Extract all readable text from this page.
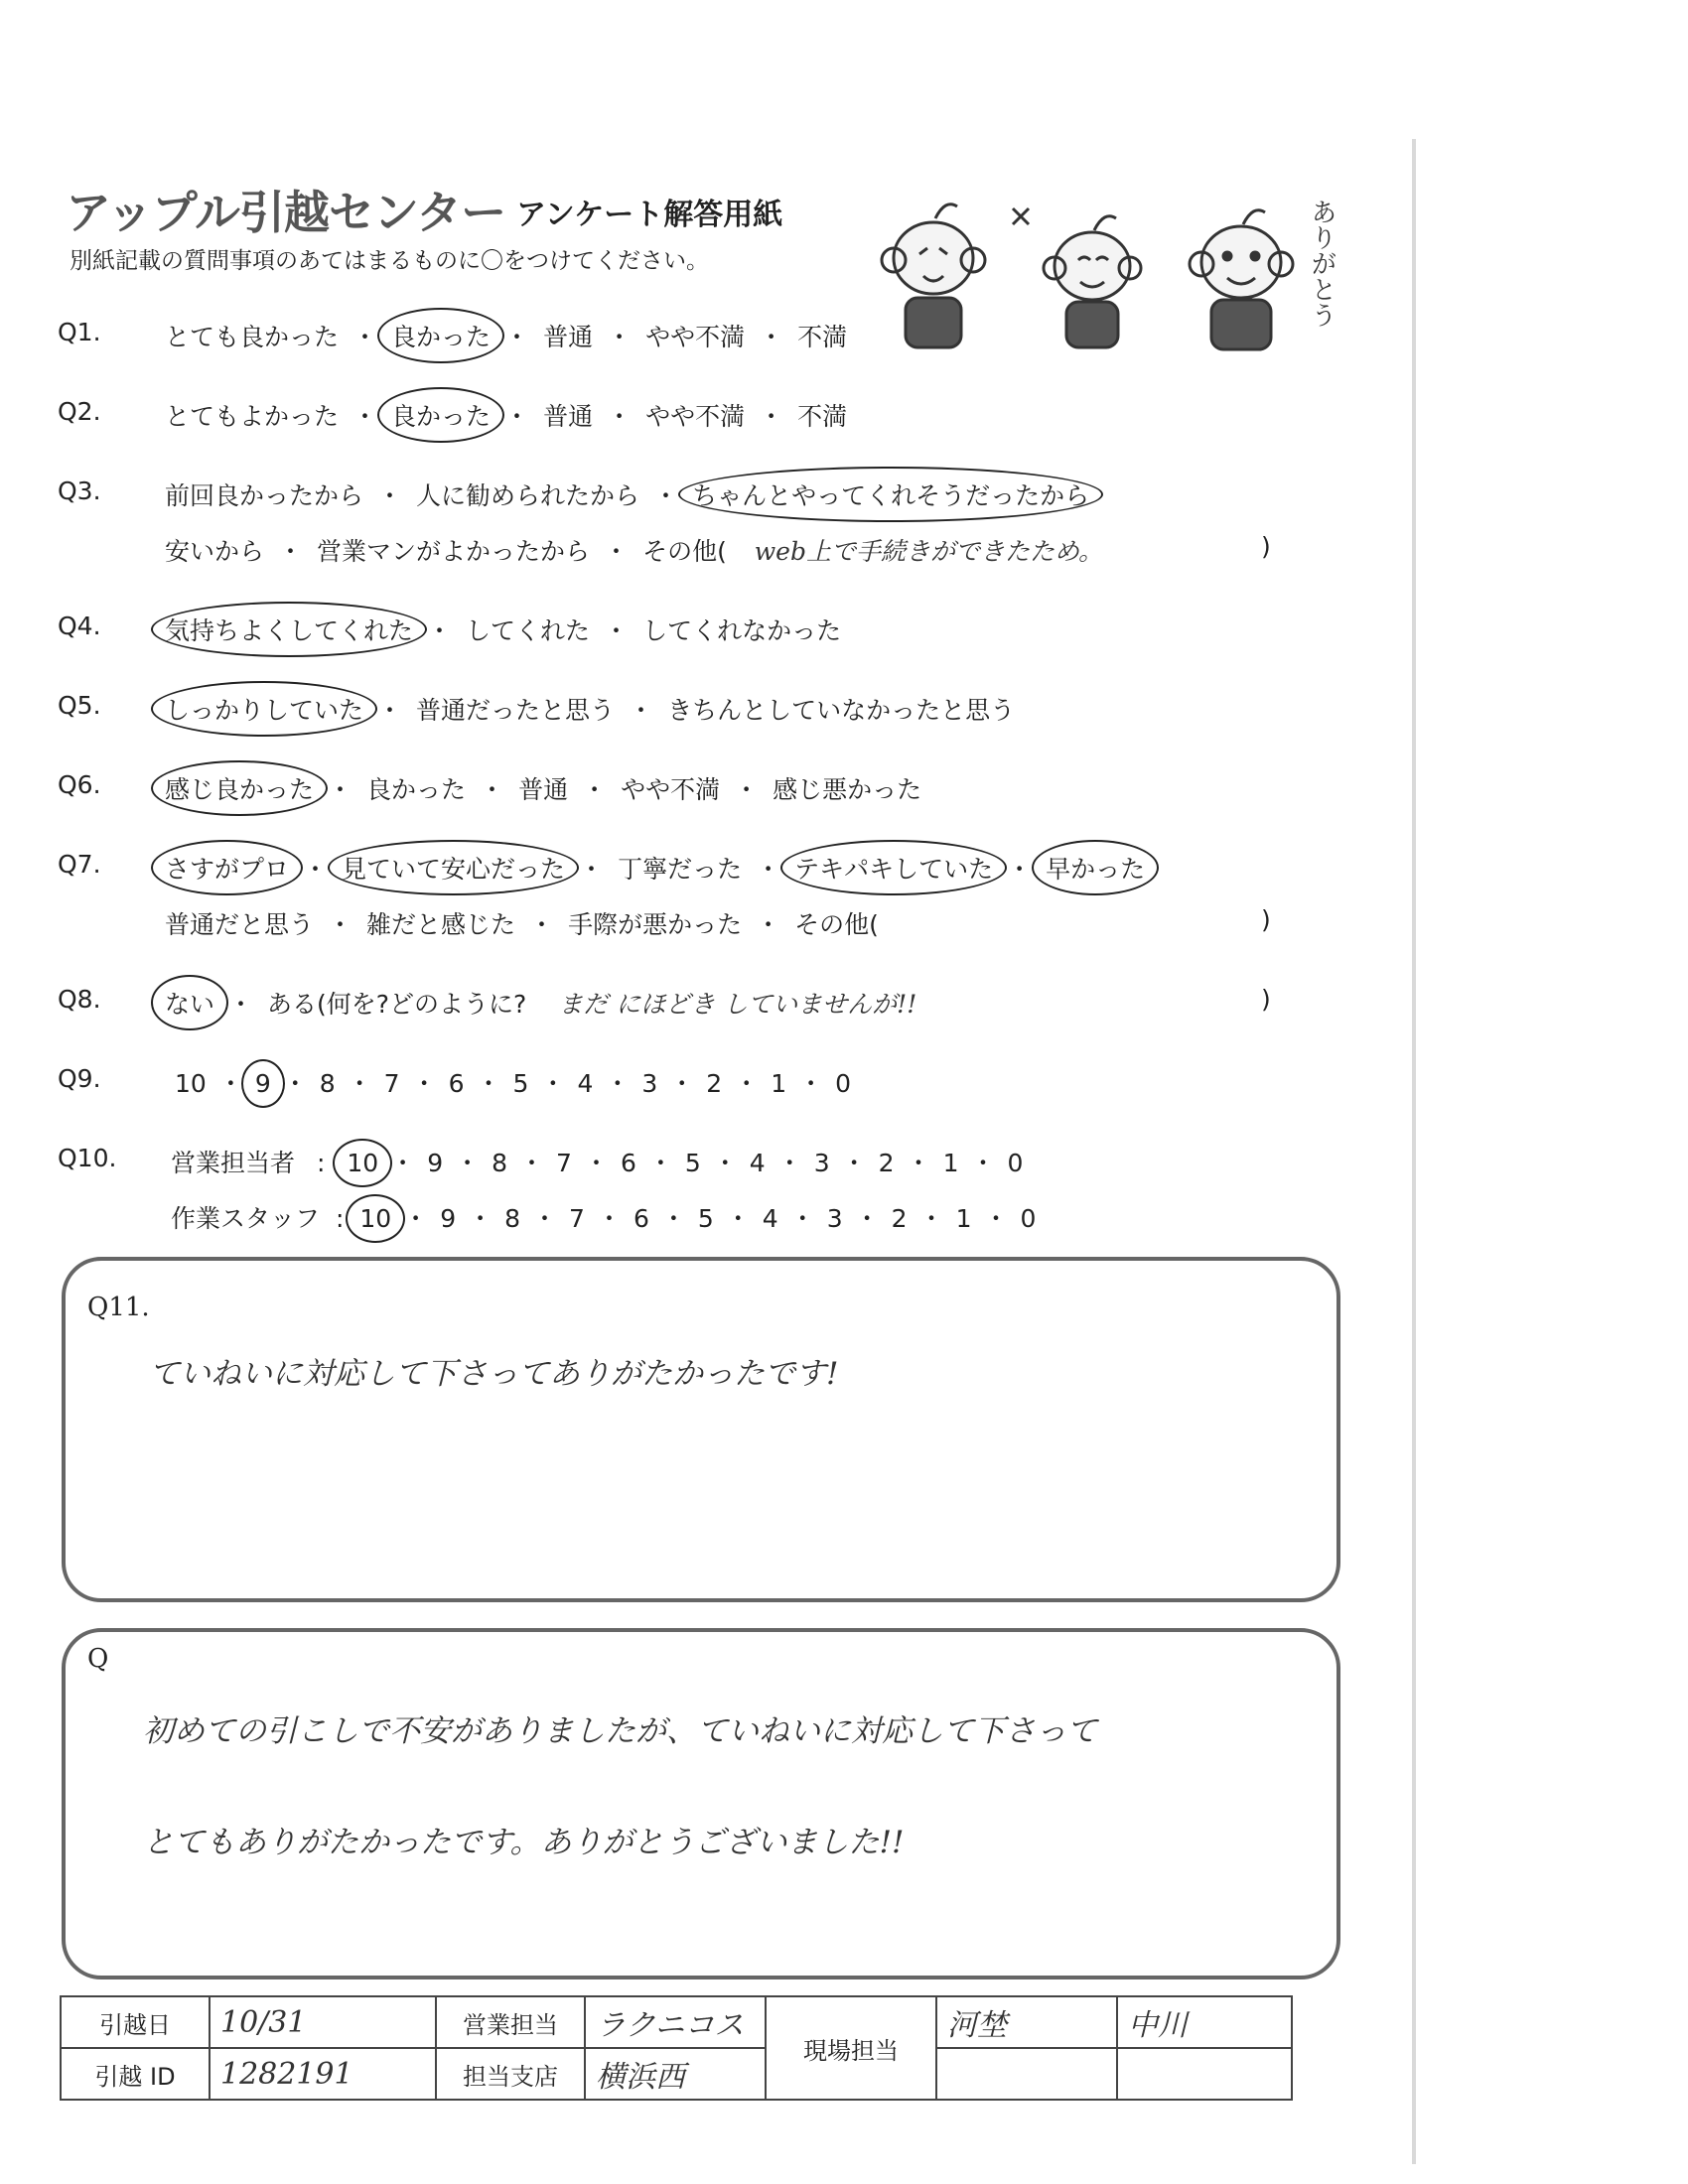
アップル引越センター アンケート解答用紙
別紙記載の質問事項のあてはまるものに〇をつけてください。	ありがとう
Q1.	とても良かった ・ 良かった ・ 普通 ・ やや不満 ・ 不満
Q2.	とてもよかった ・ 良かった ・ 普通 ・ やや不満 ・ 不満
Q3.	前回良かったから ・ 人に勧められたから ・ ちゃんとやってくれそうだったから
安いから ・ 営業マンがよかったから ・ その他( web上で手続きができたため。	)
Q4.	気持ちよくしてくれた ・ してくれた ・ してくれなかった
Q5.	しっかりしていた ・ 普通だったと思う ・ きちんとしていなかったと思う
Q6.	感じ良かった ・ 良かった ・ 普通 ・ やや不満 ・ 感じ悪かった
Q7.	さすがプロ ・ 見ていて安心だった ・ 丁寧だった ・ テキパキしていた ・ 早かった
普通だと思う ・ 雑だと感じた ・ 手際が悪かった ・ その他(	)
Q8.	ない ・ ある(何を?どのように? まだ にほどき していませんが!!	)
Q9.	10 ・ 9 ・ 8 ・ 7 ・ 6 ・ 5 ・ 4 ・ 3 ・ 2 ・ 1 ・ 0
Q10. 営業担当者 : 10 ・ 9 ・ 8 ・ 7 ・ 6 ・ 5 ・ 4 ・ 3 ・ 2 ・ 1 ・ 0
作業スタッフ : 10 ・ 9 ・ 8 ・ 7 ・ 6 ・ 5 ・ 4 ・ 3 ・ 2 ・ 1 ・ 0
Q11.
ていねいに対応して下さってありがたかったです!
Q
初めての引こしで不安がありましたが、ていねいに対応して下さって
とてもありがたかったです。ありがとうございました!!
引越日	10/31	営業担当	ラクニコス	現場担当	河埜	中川
引越 ID	1282191	担当支店	横浜西			
